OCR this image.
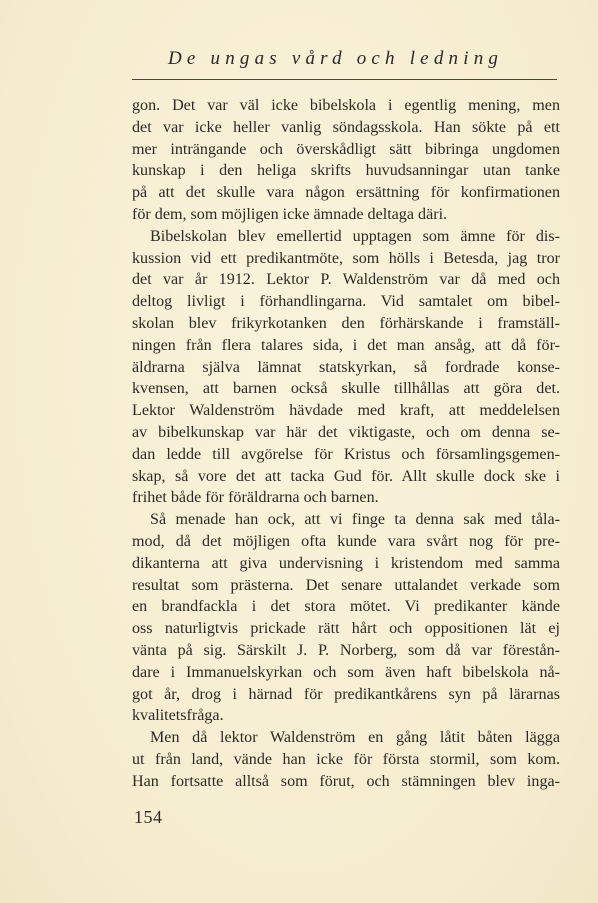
De ungas vård och ledning
gon. Det var väl icke bibelskola i egentlig mening, men
det var icke heller vanlig söndagsskola. Han sökte på ett
mer inträngande och överskådligt sätt bibringa ungdomen
kunskap i den heliga skrifts huvudsanningar utan tanke
på att det skulle vara någon ersättning för konfirmationen
för dem, som möjligen icke ämnade deltaga däri.
Bibelskolan blev emellertid upptagen som ämne för dis-
kussion vid ett predikantmöte, som hölls i Betesda, jag tror
det var år 1912. Lektor P. Waldenström var då med och
deltog livligt i förhandlingarna. Vid samtalet om bibel-
skolan blev frikyrkotanken den förhärskande i framställ-
ningen från flera talares sida, i det man ansåg, att då för-
äldrarna själva lämnat statskyrkan, så fordrade konse-
kvensen, att barnen också skulle tillhållas att göra det.
Lektor Waldenström hävdade med kraft, att meddelelsen
av bibelkunskap var här det viktigaste, och om denna se-
dan ledde till avgörelse för Kristus och församlingsgemen-
skap, så vore det att tacka Gud för. Allt skulle dock ske i
frihet både för föräldrarna och barnen.
Så menade han ock, att vi finge ta denna sak med tåla-
mod, då det möjligen ofta kunde vara svårt nog för pre-
dikanterna att giva undervisning i kristendom med samma
resultat som prästerna. Det senare uttalandet verkade som
en brandfackla i det stora mötet. Vi predikanter kände
oss naturligtvis prickade rätt hårt och oppositionen lät ej
vänta på sig. Särskilt J. P. Norberg, som då var förestån-
dare i Immanuelskyrkan och som även haft bibelskola nå-
got år, drog i härnad för predikantkårens syn på lärarnas
kvalitetsfråga.
Men då lektor Waldenström en gång låtit båten lägga
ut från land, vände han icke för första stormil, som kom.
Han fortsatte alltså som förut, och stämningen blev inga-
154
